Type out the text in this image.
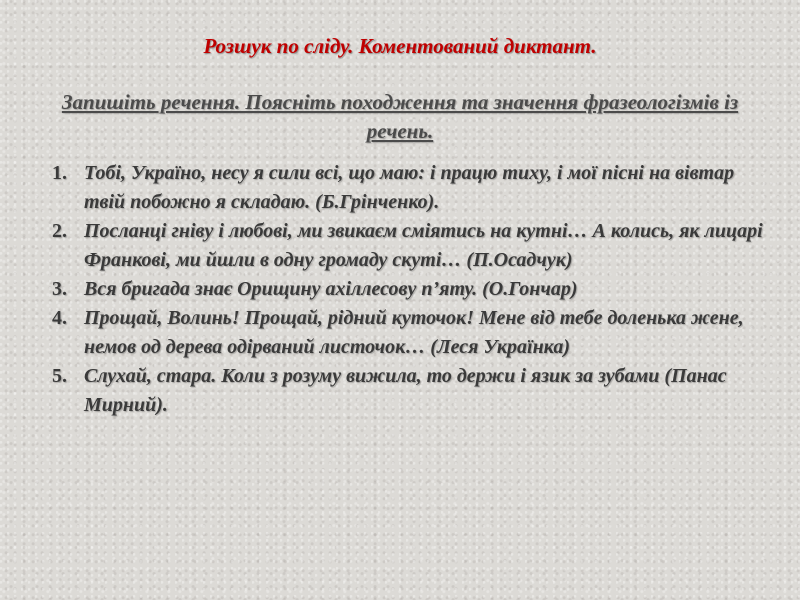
Розшук по сліду. Коментований диктант.
Запишіть речення. Поясніть походження та значення фразеологізмів із речень.
1. Тобі, Україно, несу я сили всі, що маю: і працю тиху, і мої пісні на вівтар твій побожно я складаю. (Б.Грінченко).
2. Посланці гніву і любові, ми звикаєм сміятись на кутні… А колись, як лицарі Франкові, ми йшли в одну громаду скуті… (П.Осадчук)
3. Вся бригада знає Орищину ахіллесову п’яту. (О.Гончар)
4. Прощай, Волинь! Прощай, рідний куточок! Мене від тебе доленька жене, немов од дерева одірваний листочок… (Леся Українка)
5. Слухай, стара. Коли з розуму вижила, то держи і язик за зубами (Панас Мирний).
